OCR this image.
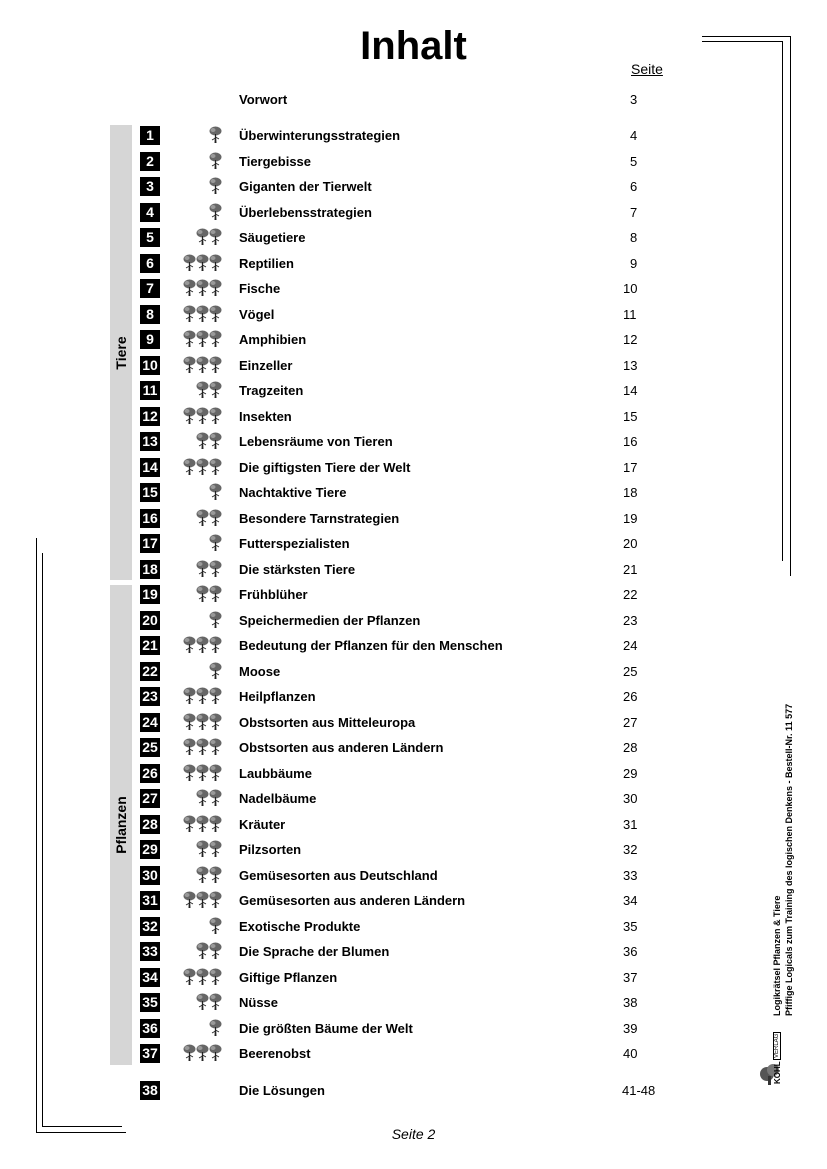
Inhalt
Seite
Vorwort	3
Tiere
Pflanzen
1	Überwinterungsstrategien	4
2	Tiergebisse	5
3	Giganten der Tierwelt	6
4	Überlebensstrategien	7
5	Säugetiere	8
6	Reptilien	9
7	Fische	10
8	Vögel	11
9	Amphibien	12
10	Einzeller	13
11	Tragzeiten	14
12	Insekten	15
13	Lebensräume von Tieren	16
14	Die giftigsten Tiere der Welt	17
15	Nachtaktive Tiere	18
16	Besondere Tarnstrategien	19
17	Futterspezialisten	20
18	Die stärksten Tiere	21
19	Frühblüher	22
20	Speichermedien der Pflanzen	23
21	Bedeutung der Pflanzen für den Menschen	24
22	Moose	25
23	Heilpflanzen	26
24	Obstsorten aus Mitteleuropa	27
25	Obstsorten aus anderen Ländern	28
26	Laubbäume	29
27	Nadelbäume	30
28	Kräuter	31
29	Pilzsorten	32
30	Gemüsesorten aus Deutschland	33
31	Gemüsesorten aus anderen Ländern	34
32	Exotische Produkte	35
33	Die Sprache der Blumen	36
34	Giftige Pflanzen	37
35	Nüsse	38
36	Die größten Bäume der Welt	39
37	Beerenobst	40
38	Die Lösungen	41-48
Logikrätsel Pflanzen & Tiere Pfiffige Logicals zum Training des logischen Denkens - Bestell-Nr. 11 577
KOHL
VERLAG
Seite 2
